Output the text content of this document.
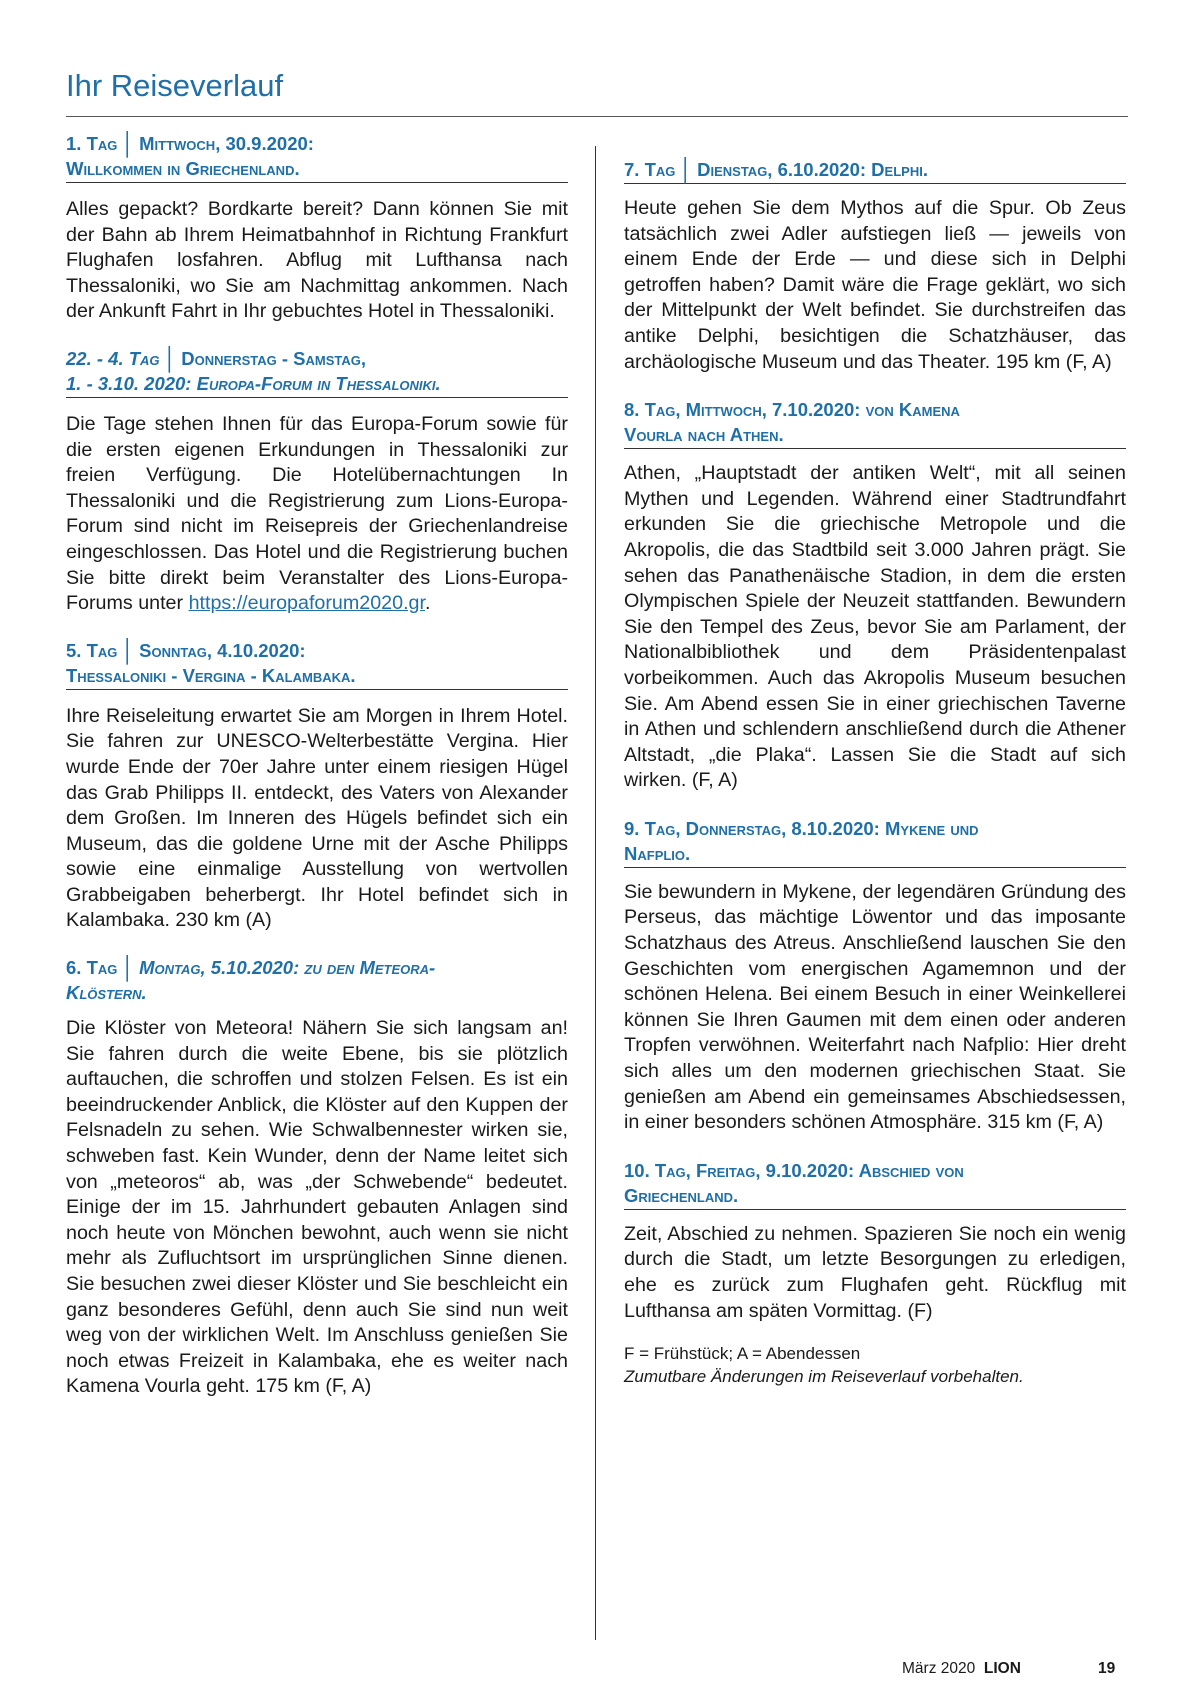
Ihr Reiseverlauf
1. Tag │ Mittwoch, 30.9.2020:
Willkommen in Griechenland.

Alles gepackt? Bordkarte bereit? Dann können Sie mit der Bahn ab Ihrem Heimatbahnhof in Richtung Frankfurt Flughafen losfahren. Abflug mit Lufthansa nach Thessaloniki, wo Sie am Nachmittag ankommen. Nach der Ankunft Fahrt in Ihr gebuchtes Hotel in Thessaloniki.

22. - 4. Tag │ Donnerstag - Samstag,
1. - 3.10. 2020: Europa-Forum in Thessaloniki.

Die Tage stehen Ihnen für das Europa-Forum sowie für die ersten eigenen Erkundungen in Thessaloniki zur freien Verfügung. Die Hotelübernachtungen In Thessaloniki und die Registrierung zum Lions-Europa-Forum sind nicht im Reisepreis der Griechenlandreise eingeschlossen. Das Hotel und die Registrierung buchen Sie bitte direkt beim Veranstalter des Lions-Europa-Forums unter https://europaforum2020.gr.

5. Tag │ Sonntag, 4.10.2020:
Thessaloniki - Vergina - Kalambaka.

Ihre Reiseleitung erwartet Sie am Morgen in Ihrem Hotel. Sie fahren zur UNESCO-Welterbestätte Vergina. Hier wurde Ende der 70er Jahre unter einem riesigen Hügel das Grab Philipps II. entdeckt, des Vaters von Alexander dem Großen. Im Inneren des Hügels befindet sich ein Museum, das die goldene Urne mit der Asche Philipps sowie eine einmalige Ausstellung von wertvollen Grabbeigaben beherbergt. Ihr Hotel befindet sich in Kalambaka. 230 km (A)

6. Tag │ Montag, 5.10.2020: zu den Meteora-
Klöstern.

Die Klöster von Meteora! Nähern Sie sich langsam an! Sie fahren durch die weite Ebene, bis sie plötzlich auftauchen, die schroffen und stolzen Felsen. Es ist ein beeindruckender Anblick, die Klöster auf den Kuppen der Felsnadeln zu sehen. Wie Schwalbennester wirken sie, schweben fast. Kein Wunder, denn der Name leitet sich von „meteoros“ ab, was „der Schwebende“ bedeutet. Einige der im 15. Jahrhundert gebauten Anlagen sind noch heute von Mönchen bewohnt, auch wenn sie nicht mehr als Zufluchtsort im ursprünglichen Sinne dienen. Sie besuchen zwei dieser Klöster und Sie beschleicht ein ganz besonderes Gefühl, denn auch Sie sind nun weit weg von der wirklichen Welt. Im Anschluss genießen Sie noch etwas Freizeit in Kalambaka, ehe es weiter nach Kamena Vourla geht. 175 km (F, A)

7. Tag │ Dienstag, 6.10.2020: Delphi.

Heute gehen Sie dem Mythos auf die Spur. Ob Zeus tatsächlich zwei Adler aufstiegen ließ — jeweils von einem Ende der Erde — und diese sich in Delphi getroffen haben? Damit wäre die Frage geklärt, wo sich der Mittelpunkt der Welt befindet. Sie durchstreifen das antike Delphi, besichtigen die Schatzhäuser, das archäologische Museum und das Theater. 195 km (F, A)

8. Tag, Mittwoch, 7.10.2020: von Kamena
Vourla nach Athen.

Athen, „Hauptstadt der antiken Welt“, mit all seinen Mythen und Legenden. Während einer Stadtrundfahrt erkunden Sie die griechische Metropole und die Akropolis, die das Stadtbild seit 3.000 Jahren prägt. Sie sehen das Panathenäische Stadion, in dem die ersten Olympischen Spiele der Neuzeit stattfanden. Bewundern Sie den Tempel des Zeus, bevor Sie am Parlament, der Nationalbibliothek und dem Präsidentenpalast vorbeikommen. Auch das Akropolis Museum besuchen Sie. Am Abend essen Sie in einer griechischen Taverne in Athen und schlendern anschließend durch die Athener Altstadt, „die Plaka“. Lassen Sie die Stadt auf sich wirken. (F, A)

9. Tag, Donnerstag, 8.10.2020: Mykene und
Nafplio.

Sie bewundern in Mykene, der legendären Gründung des Perseus, das mächtige Löwentor und das imposante Schatzhaus des Atreus. Anschließend lauschen Sie den Geschichten vom energischen Agamemnon und der schönen Helena. Bei einem Besuch in einer Weinkellerei können Sie Ihren Gaumen mit dem einen oder anderen Tropfen verwöhnen. Weiterfahrt nach Nafplio: Hier dreht sich alles um den modernen griechischen Staat. Sie genießen am Abend ein gemeinsames Abschiedsessen, in einer besonders schönen Atmosphäre. 315 km (F, A)

10. Tag, Freitag, 9.10.2020: Abschied von
Griechenland.

Zeit, Abschied zu nehmen. Spazieren Sie noch ein wenig durch die Stadt, um letzte Besorgungen zu erledigen, ehe es zurück zum Flughafen geht. Rückflug mit Lufthansa am späten Vormittag. (F)

F = Frühstück; A = Abendessen
Zumutbare Änderungen im Reiseverlauf vorbehalten.
März 2020 LION	19
